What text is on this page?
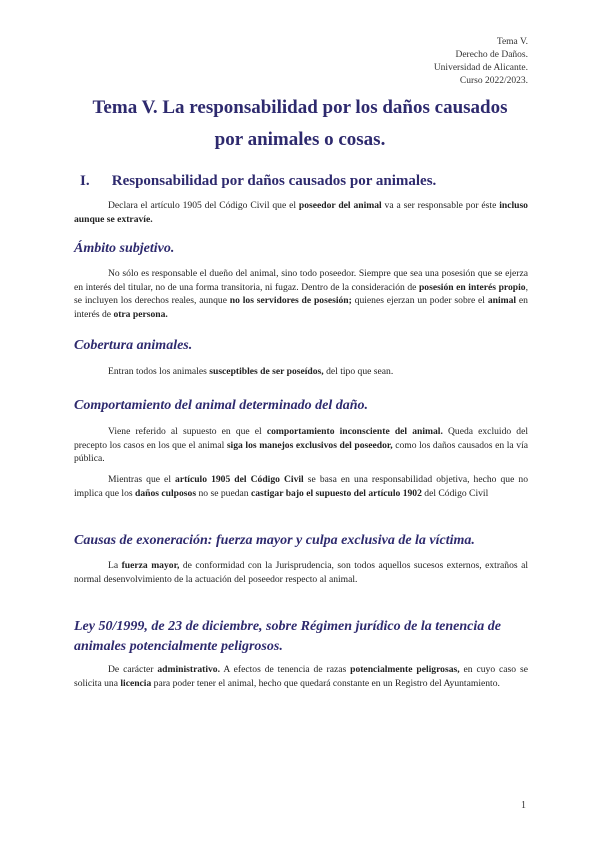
Tema V.
Derecho de Daños.
Universidad de Alicante.
Curso 2022/2023.
Tema V. La responsabilidad por los daños causados
por animales o cosas.
I. Responsabilidad por daños causados por animales.
Declara el artículo 1905 del Código Civil que el poseedor del animal va a ser responsable por éste incluso aunque se extravíe.
Ámbito subjetivo.
No sólo es responsable el dueño del animal, sino todo poseedor. Siempre que sea una posesión que se ejerza en interés del titular, no de una forma transitoria, ni fugaz. Dentro de la consideración de posesión en interés propio, se incluyen los derechos reales, aunque no los servidores de posesión; quienes ejerzan un poder sobre el animal en interés de otra persona.
Cobertura animales.
Entran todos los animales susceptibles de ser poseídos, del tipo que sean.
Comportamiento del animal determinado del daño.
Viene referido al supuesto en que el comportamiento inconsciente del animal. Queda excluido del precepto los casos en los que el animal siga los manejos exclusivos del poseedor, como los daños causados en la vía pública.
Mientras que el artículo 1905 del Código Civil se basa en una responsabilidad objetiva, hecho que no implica que los daños culposos no se puedan castigar bajo el supuesto del artículo 1902 del Código Civil
Causas de exoneración: fuerza mayor y culpa exclusiva de la víctima.
La fuerza mayor, de conformidad con la Jurisprudencia, son todos aquellos sucesos externos, extraños al normal desenvolvimiento de la actuación del poseedor respecto al animal.
Ley 50/1999, de 23 de diciembre, sobre Régimen jurídico de la tenencia de animales potencialmente peligrosos.
De carácter administrativo. A efectos de tenencia de razas potencialmente peligrosas, en cuyo caso se solicita una licencia para poder tener el animal, hecho que quedará constante en un Registro del Ayuntamiento.
1
